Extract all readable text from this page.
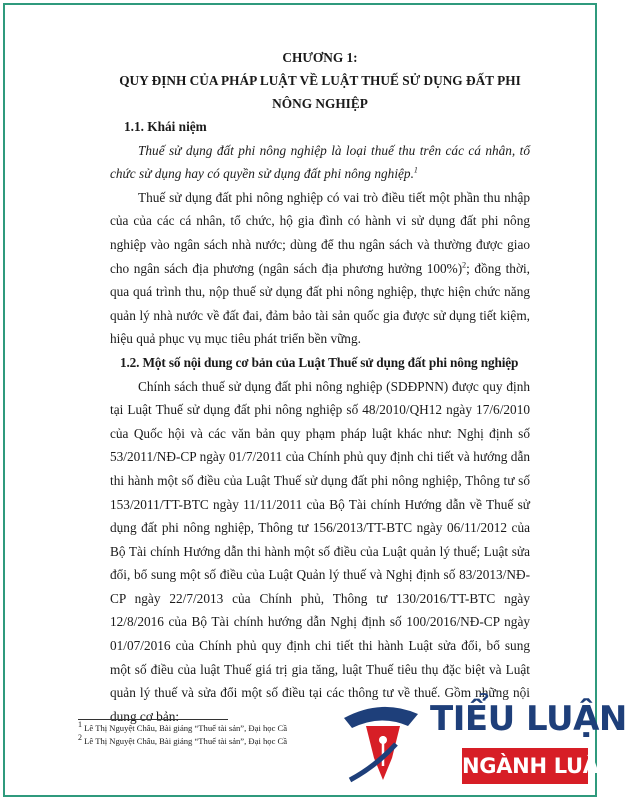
CHƯƠNG 1:

QUY ĐỊNH CỦA PHÁP LUẬT VỀ LUẬT THUẾ SỬ DỤNG ĐẤT PHI

NÔNG NGHIỆP

1.1. Khái niệm

Thuế sử dụng đất phi nông nghiệp là loại thuế thu trên các cá nhân, tổ chức sử dụng hay có quyền sử dụng đất phi nông nghiệp.$^1$

Thuế sử dụng đất phi nông nghiệp có vai trò điều tiết một phần thu nhập của của các cá nhân, tổ chức, hộ gia đình có hành vi sử dụng đất phi nông nghiệp vào ngân sách nhà nước; dùng để thu ngân sách và thường được giao cho ngân sách địa phương (ngân sách địa phương hưởng 100%)$^2$; đồng thời, qua quá trình thu, nộp thuế sử dụng đất phi nông nghiệp, thực hiện chức năng quản lý nhà nước về đất đai, đảm bảo tài sản quốc gia được sử dụng tiết kiệm, hiệu quả phục vụ mục tiêu phát triển bền vững.

1.2. Một số nội dung cơ bản của Luật Thuế sử dụng đất phi nông nghiệp

Chính sách thuế sử dụng đất phi nông nghiệp (SDĐPNN) được quy định tại Luật Thuế sử dụng đất phi nông nghiệp số 48/2010/QH12 ngày 17/6/2010 của Quốc hội và các văn bản quy phạm pháp luật khác như: Nghị định số 53/2011/NĐ-CP ngày 01/7/2011 của Chính phủ quy định chi tiết và hướng dẫn thi hành một số điều của Luật Thuế sử dụng đất phi nông nghiệp, Thông tư số 153/2011/TT-BTC ngày 11/11/2011 của Bộ Tài chính Hướng dẫn về Thuế sử dụng đất phi nông nghiệp, Thông tư 156/2013/TT-BTC ngày 06/11/2012 của Bộ Tài chính Hướng dẫn thi hành một số điều của Luật quản lý thuế; Luật sửa đổi, bổ sung một số điều của Luật Quản lý thuế và Nghị định số 83/2013/NĐ-CP ngày 22/7/2013 của Chính phủ, Thông tư 130/2016/TT-BTC ngày 12/8/2016 của Bộ Tài chính hướng dẫn Nghị định số 100/2016/NĐ-CP ngày 01/07/2016 của Chính phủ quy định chi tiết thi hành Luật sửa đổi, bổ sung một số điều của luật Thuế giá trị gia tăng, luật Thuế tiêu thụ đặc biệt và Luật quản lý thuế và sửa đổi một số điều tại các thông tư về thuế. Gồm những nội dung cơ bản:

$^1$ Lê Thị Nguyệt Châu, Bài giảng “Thuế tài sản”, Đại học Cầ
$^2$ Lê Thị Nguyệt Châu, Bài giảng “Thuế tài sản”, Đại học Cầ
TIỂU LUẬN
NGÀNH LUẬT
